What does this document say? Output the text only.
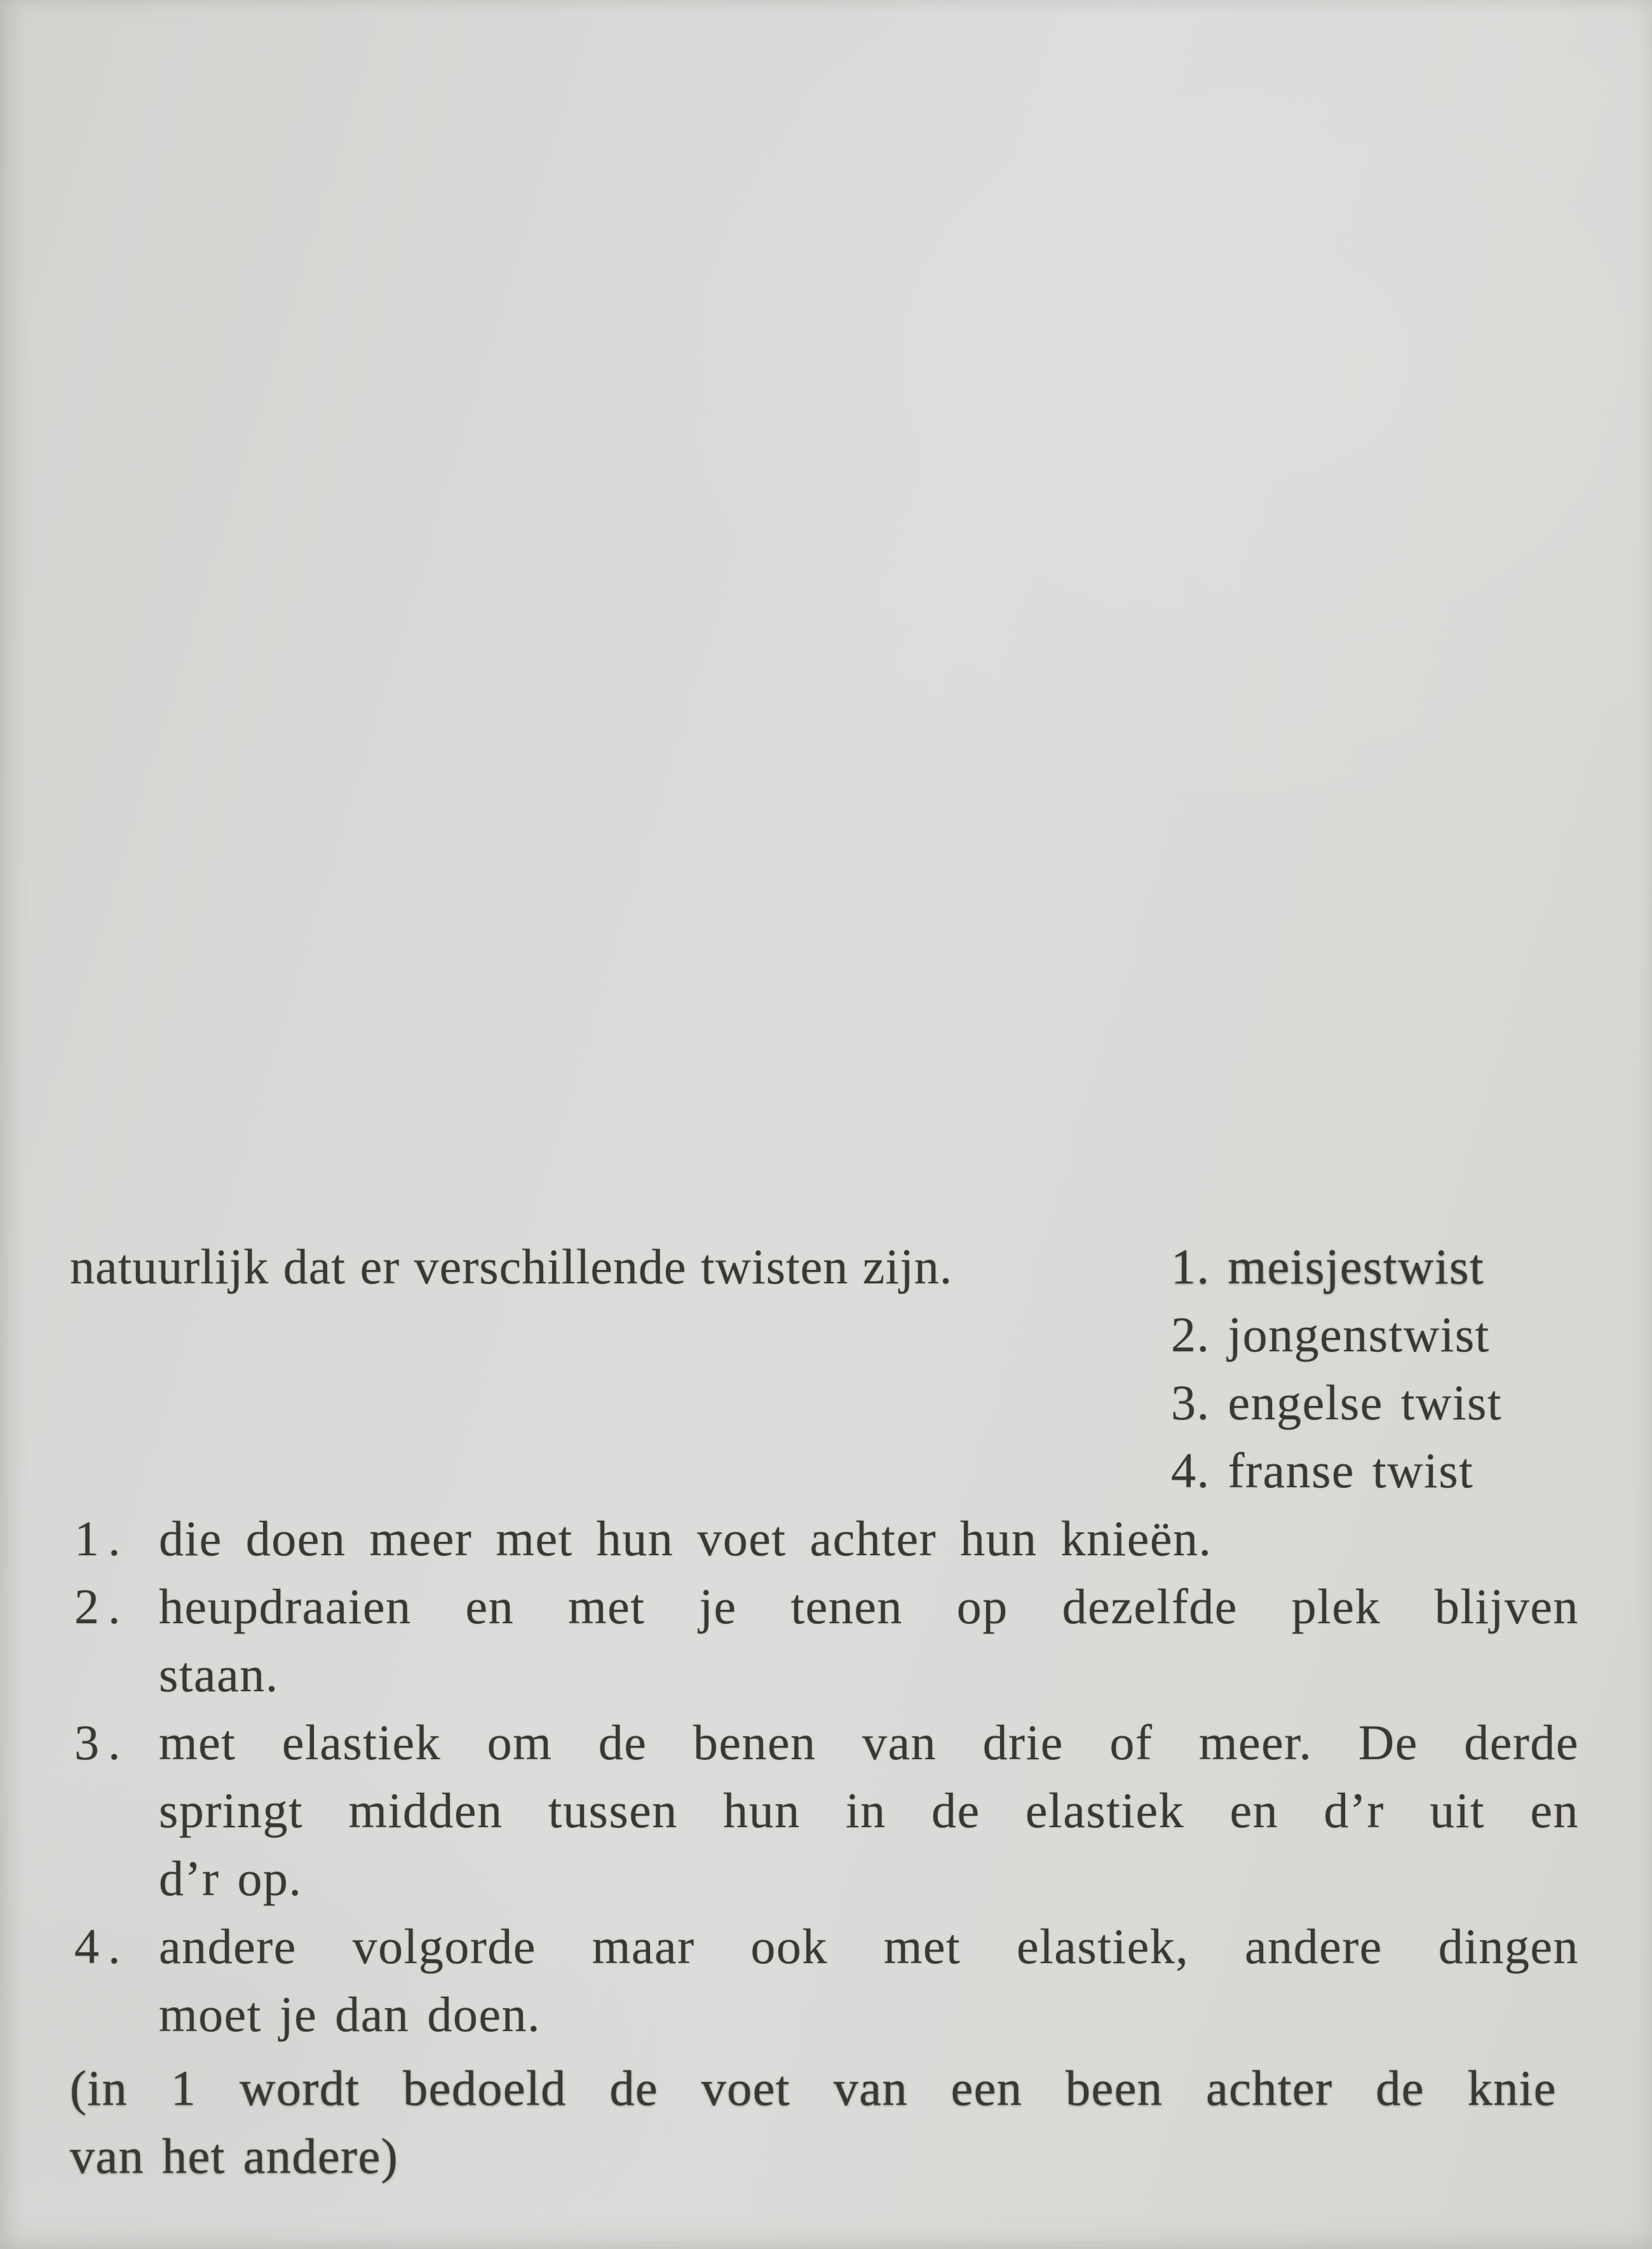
natuurlijk dat er verschillende twisten zijn.	1. meisjestwist
2. jongenstwist
3. engelse twist
4. franse twist
1. die doen meer met hun voet achter hun knieën.
2. heupdraaien en met je tenen op dezelfde plek blijven
staan.
3. met elastiek om de benen van drie of meer. De derde
springt midden tussen hun in de elastiek en d’r uit en
d’r op.
4. andere volgorde maar ook met elastiek, andere dingen
moet je dan doen.
(in 1 wordt bedoeld de voet van een been achter de knie
van het andere)
